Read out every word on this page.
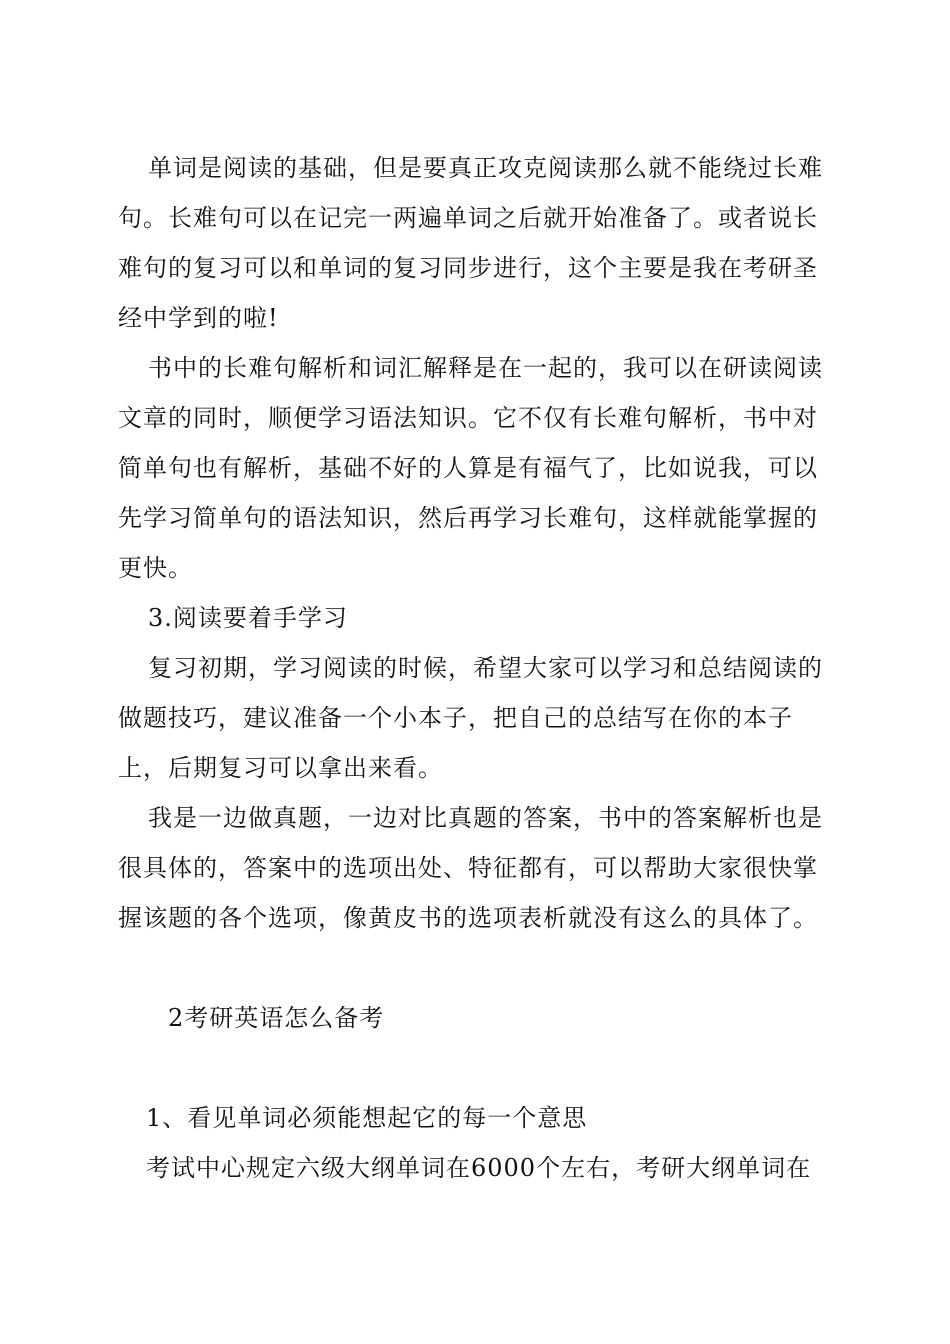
单词是阅读的基础，但是要真正攻克阅读那么就不能绕过长难句。长难句可以在记完一两遍单词之后就开始准备了。或者说长难句的复习可以和单词的复习同步进行，这个主要是我在考研圣经中学到的啦!

书中的长难句解析和词汇解释是在一起的，我可以在研读阅读文章的同时，顺便学习语法知识。它不仅有长难句解析，书中对简单句也有解析，基础不好的人算是有福气了，比如说我，可以先学习简单句的语法知识，然后再学习长难句，这样就能掌握的更快。

3.阅读要着手学习

复习初期，学习阅读的时候，希望大家可以学习和总结阅读的做题技巧，建议准备一个小本子，把自己的总结写在你的本子上，后期复习可以拿出来看。

我是一边做真题，一边对比真题的答案，书中的答案解析也是很具体的，答案中的选项出处、特征都有，可以帮助大家很快掌握该题的各个选项，像黄皮书的选项表析就没有这么的具体了。

2考研英语怎么备考

1、看见单词必须能想起它的每一个意思

考试中心规定六级大纲单词在6000个左右，考研大纲单词在
